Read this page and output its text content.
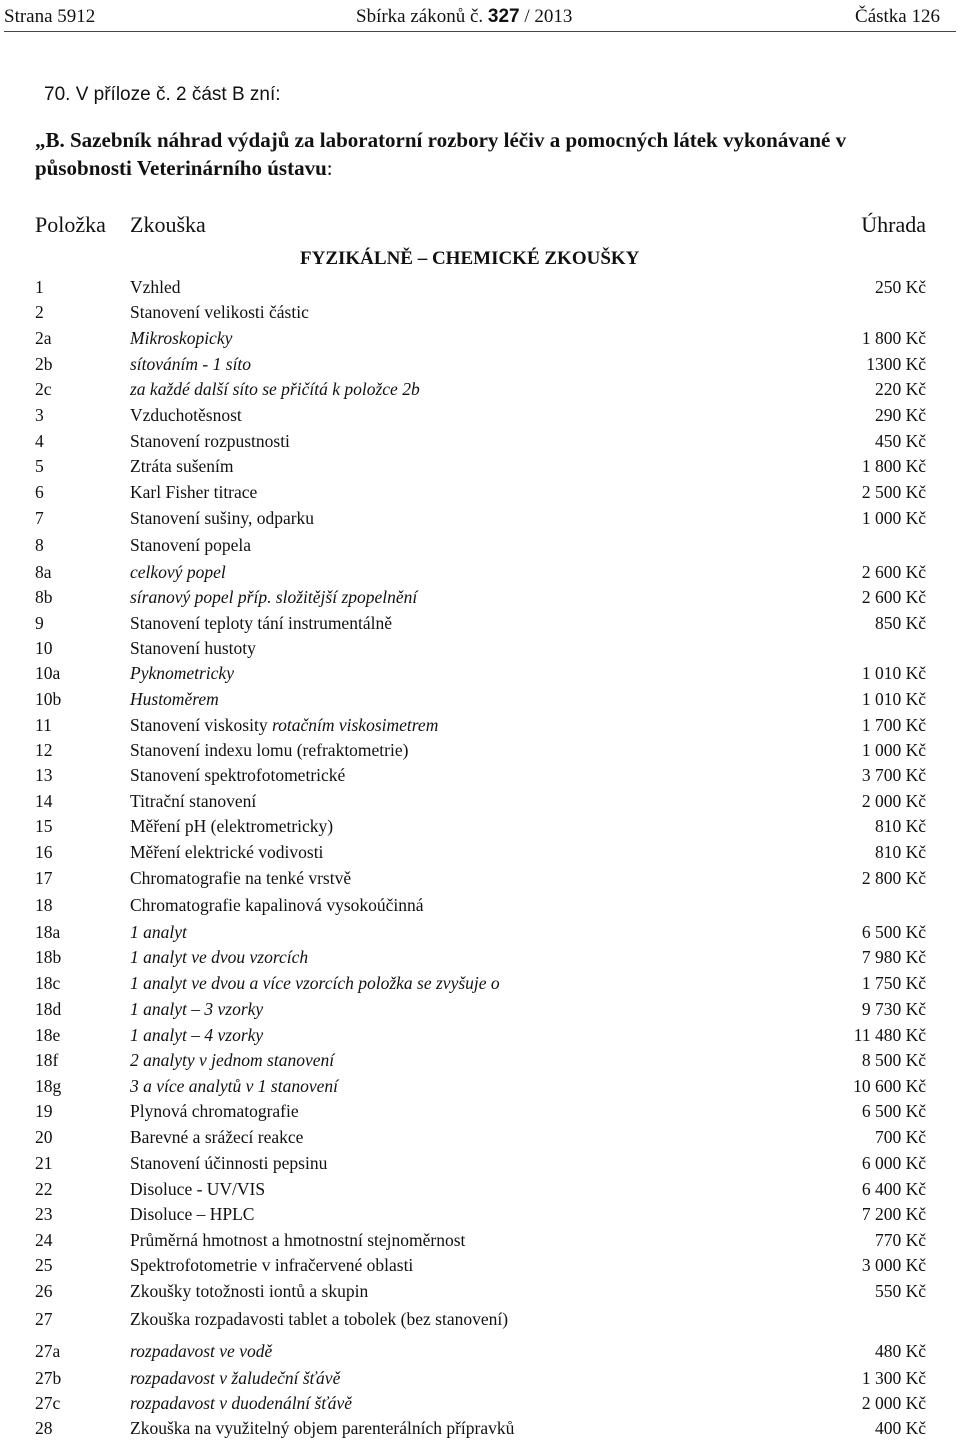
Strana 5912	Sbírka zákonů č. 327 / 2013	Částka 126
70. V příloze č. 2 část B zní:
„B. Sazebník náhrad výdajů za laboratorní rozbory léčiv a pomocných látek vykonávané v působnosti Veterinárního ústavu:
Položka Zkouška	Úhrada
FYZIKÁLNĚ – CHEMICKÉ ZKOUŠKY
1	Vzhled	250 Kč
2	Stanovení velikosti částic
2a	Mikroskopicky	1 800 Kč
2b	sítováním - 1 síto	1300 Kč
2c	za každé další síto se přičítá k položce 2b	220 Kč
3	Vzduchotěsnost	290 Kč
4	Stanovení rozpustnosti	450 Kč
5	Ztráta sušením	1 800 Kč
6	Karl Fisher titrace	2 500 Kč
7	Stanovení sušiny, odparku	1 000 Kč
8	Stanovení popela
8a	celkový popel	2 600 Kč
8b	síranový popel příp. složitější zpopelnění	2 600 Kč
9	Stanovení teploty tání instrumentálně	850 Kč
10	Stanovení hustoty
10a	Pyknometricky	1 010 Kč
10b	Hustoměrem	1 010 Kč
11	Stanovení viskosity rotačním viskosimetrem	1 700 Kč
12	Stanovení indexu lomu (refraktometrie)	1 000 Kč
13	Stanovení spektrofotometrické	3 700 Kč
14	Titrační stanovení	2 000 Kč
15	Měření pH (elektrometricky)	810 Kč
16	Měření elektrické vodivosti	810 Kč
17	Chromatografie na tenké vrstvě	2 800 Kč
18	Chromatografie kapalinová vysokoúčinná
18a	1 analyt	6 500 Kč
18b	1 analyt ve dvou vzorcích	7 980 Kč
18c	1 analyt ve dvou a více vzorcích položka se zvyšuje o	1 750 Kč
18d	1 analyt – 3 vzorky	9 730 Kč
18e	1 analyt – 4 vzorky	11 480 Kč
18f	2 analyty v jednom stanovení	8 500 Kč
18g	3 a více analytů v 1 stanovení	10 600 Kč
19	Plynová chromatografie	6 500 Kč
20	Barevné a srážecí reakce	700 Kč
21	Stanovení účinnosti pepsinu	6 000 Kč
22	Disoluce - UV/VIS	6 400 Kč
23	Disoluce – HPLC	7 200 Kč
24	Průměrná hmotnost a hmotnostní stejnoměrnost	770 Kč
25	Spektrofotometrie v infračervené oblasti	3 000 Kč
26	Zkoušky totožnosti iontů a skupin	550 Kč
27	Zkouška rozpadavosti tablet a tobolek (bez stanovení)
27a	rozpadavost ve vodě	480 Kč
27b	rozpadavost v žaludeční šťávě	1 300 Kč
27c	rozpadavost v duodenální šťávě	2 000 Kč
28	Zkouška na využitelný objem parenterálních přípravků	400 Kč
